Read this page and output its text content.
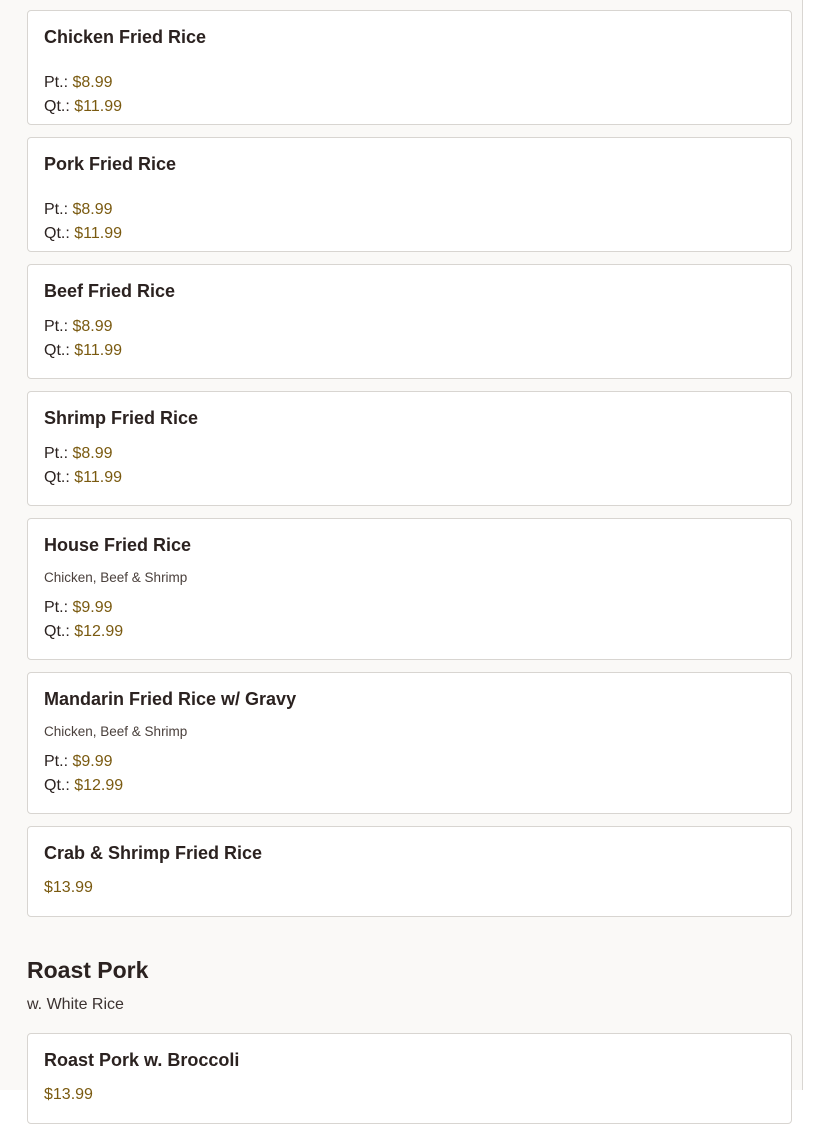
Chicken Fried Rice
Pt.: $8.99
Qt.: $11.99
Pork Fried Rice
Pt.: $8.99
Qt.: $11.99
Beef Fried Rice
Pt.: $8.99
Qt.: $11.99
Shrimp Fried Rice
Pt.: $8.99
Qt.: $11.99
House Fried Rice
Chicken, Beef & Shrimp
Pt.: $9.99
Qt.: $12.99
Mandarin Fried Rice w/ Gravy
Chicken, Beef & Shrimp
Pt.: $9.99
Qt.: $12.99
Crab & Shrimp Fried Rice
$13.99
Roast Pork
w. White Rice
Roast Pork w. Broccoli
$13.99
